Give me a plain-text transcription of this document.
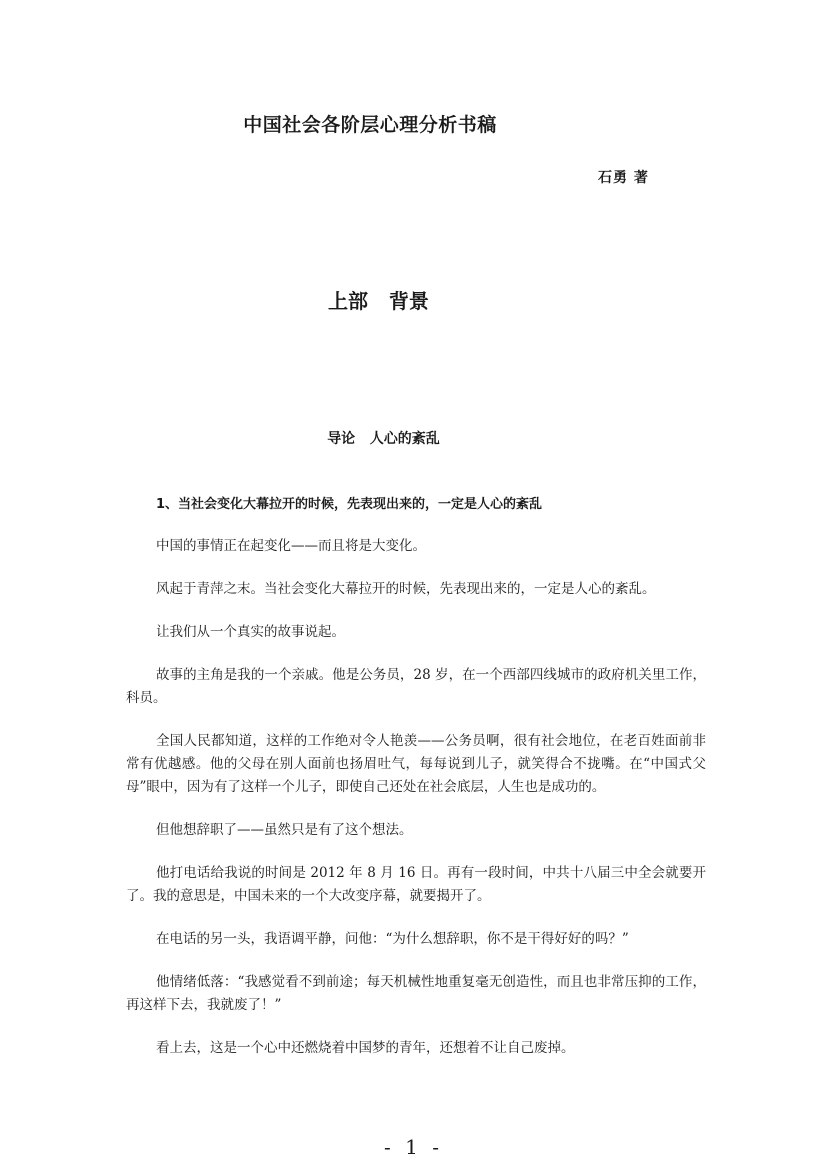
中国社会各阶层心理分析书稿
石勇 著
上部   背景
导论   人心的紊乱
1、当社会变化大幕拉开的时候，先表现出来的，一定是人心的紊乱

中国的事情正在起变化——而且将是大变化。

风起于青萍之末。当社会变化大幕拉开的时候，先表现出来的，一定是人心的紊乱。

让我们从一个真实的故事说起。

故事的主角是我的一个亲戚。他是公务员，28 岁，在一个西部四线城市的政府机关里工作，科员。

全国人民都知道，这样的工作绝对令人艳羡——公务员啊，很有社会地位，在老百姓面前非常有优越感。他的父母在别人面前也扬眉吐气，每每说到儿子，就笑得合不拢嘴。在“中国式父母”眼中，因为有了这样一个儿子，即使自己还处在社会底层，人生也是成功的。

但他想辞职了——虽然只是有了这个想法。

他打电话给我说的时间是 2012 年 8 月 16 日。再有一段时间，中共十八届三中全会就要开了。我的意思是，中国未来的一个大改变序幕，就要揭开了。

在电话的另一头，我语调平静，问他：“为什么想辞职，你不是干得好好的吗？”

他情绪低落：“我感觉看不到前途；每天机械性地重复毫无创造性，而且也非常压抑的工作，再这样下去，我就废了！”

看上去，这是一个心中还燃烧着中国梦的青年，还想着不让自己废掉。

- 1 -
